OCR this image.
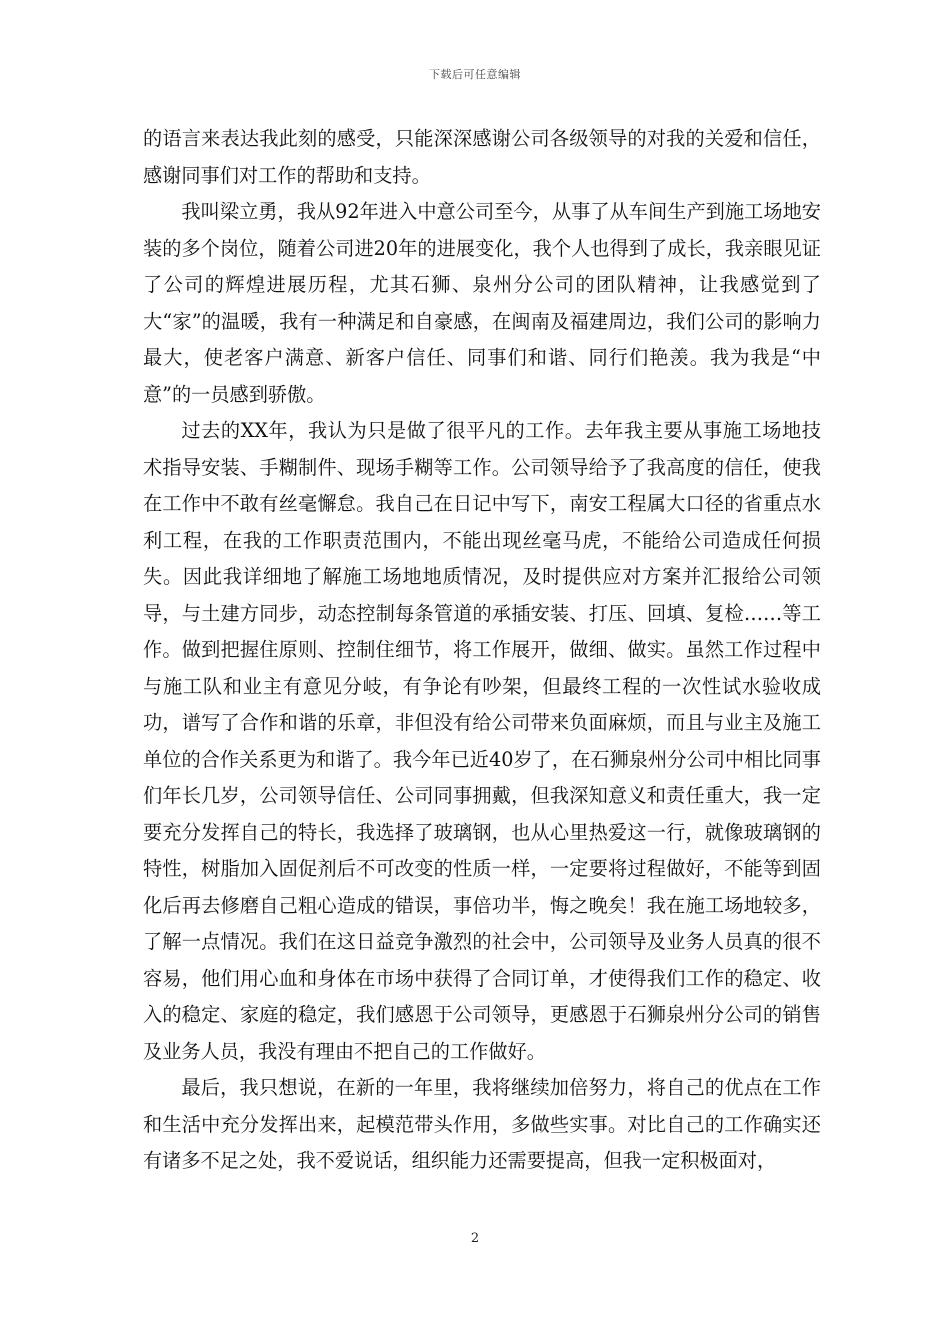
下载后可任意编辑

的语言来表达我此刻的感受，只能深深感谢公司各级领导的对我的关爱和信任，感谢同事们对工作的帮助和支持。

我叫梁立勇，我从92年进入中意公司至今，从事了从车间生产到施工场地安装的多个岗位，随着公司进20年的进展变化，我个人也得到了成长，我亲眼见证了公司的辉煌进展历程，尤其石狮、泉州分公司的团队精神，让我感觉到了大“家”的温暖，我有一种满足和自豪感，在闽南及福建周边，我们公司的影响力最大，使老客户满意、新客户信任、同事们和谐、同行们艳羡。我为我是“中意”的一员感到骄傲。

过去的XX年，我认为只是做了很平凡的工作。去年我主要从事施工场地技术指导安装、手糊制件、现场手糊等工作。公司领导给予了我高度的信任，使我在工作中不敢有丝毫懈怠。我自己在日记中写下，南安工程属大口径的省重点水利工程，在我的工作职责范围内，不能出现丝毫马虎，不能给公司造成任何损失。因此我详细地了解施工场地地质情况，及时提供应对方案并汇报给公司领导，与土建方同步，动态控制每条管道的承插安装、打压、回填、复检……等工作。做到把握住原则、控制住细节，将工作展开，做细、做实。虽然工作过程中与施工队和业主有意见分岐，有争论有吵架，但最终工程的一次性试水验收成功，谱写了合作和谐的乐章，非但没有给公司带来负面麻烦，而且与业主及施工单位的合作关系更为和谐了。我今年已近40岁了，在石狮泉州分公司中相比同事们年长几岁，公司领导信任、公司同事拥戴，但我深知意义和责任重大，我一定要充分发挥自己的特长，我选择了玻璃钢，也从心里热爱这一行，就像玻璃钢的特性，树脂加入固促剂后不可改变的性质一样，一定要将过程做好，不能等到固化后再去修磨自己粗心造成的错误，事倍功半，悔之晚矣！我在施工场地较多，了解一点情况。我们在这日益竞争激烈的社会中，公司领导及业务人员真的很不容易，他们用心血和身体在市场中获得了合同订单，才使得我们工作的稳定、收入的稳定、家庭的稳定，我们感恩于公司领导，更感恩于石狮泉州分公司的销售及业务人员，我没有理由不把自己的工作做好。

最后，我只想说，在新的一年里，我将继续加倍努力，将自己的优点在工作和生活中充分发挥出来，起模范带头作用，多做些实事。对比自己的工作确实还有诸多不足之处，我不爱说话，组织能力还需要提高，但我一定积极面对，

2
